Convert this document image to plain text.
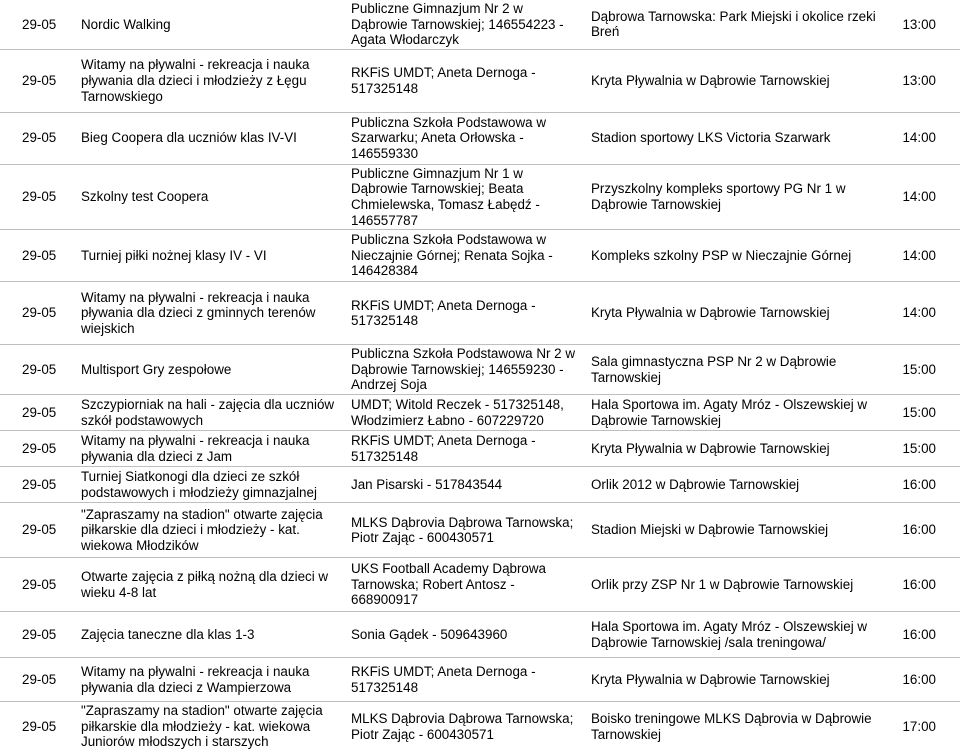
29-05	Nordic Walking	Publiczne Gimnazjum Nr 2 w Dąbrowie Tarnowskiej; 146554223 - Agata Włodarczyk	Dąbrowa Tarnowska: Park Miejski i okolice rzeki Breń	13:00
29-05	Witamy na pływalni - rekreacja i nauka pływania dla dzieci i młodzieży z Łęgu Tarnowskiego	RKFiS UMDT; Aneta Dernoga - 517325148	Kryta Pływalnia w Dąbrowie Tarnowskiej	13:00
29-05	Bieg Coopera dla uczniów klas IV-VI	Publiczna Szkoła Podstawowa w Szarwarku; Aneta Orłowska - 146559330	Stadion sportowy LKS Victoria Szarwark	14:00
29-05	Szkolny test Coopera	Publiczne Gimnazjum Nr 1 w Dąbrowie Tarnowskiej; Beata Chmielewska, Tomasz Łabędź - 146557787	Przyszkolny kompleks sportowy PG Nr 1 w Dąbrowie Tarnowskiej	14:00
29-05	Turniej piłki nożnej klasy IV - VI	Publiczna Szkoła Podstawowa w Nieczajnie Górnej; Renata Sojka - 146428384	Kompleks szkolny PSP w Nieczajnie Górnej	14:00
29-05	Witamy na pływalni - rekreacja i nauka pływania dla dzieci z gminnych terenów wiejskich	RKFiS UMDT; Aneta Dernoga - 517325148	Kryta Pływalnia w Dąbrowie Tarnowskiej	14:00
29-05	Multisport Gry zespołowe	Publiczna Szkoła Podstawowa Nr 2 w Dąbrowie Tarnowskiej; 146559230 - Andrzej Soja	Sala gimnastyczna PSP Nr 2 w Dąbrowie Tarnowskiej	15:00
29-05	Szczypiorniak na hali - zajęcia dla uczniów szkół podstawowych	UMDT; Witold Reczek - 517325148, Włodzimierz Łabno - 607229720	Hala Sportowa im. Agaty Mróz - Olszewskiej w Dąbrowie Tarnowskiej	15:00
29-05	Witamy na pływalni - rekreacja i nauka pływania dla dzieci z Jam	RKFiS UMDT; Aneta Dernoga - 517325148	Kryta Pływalnia w Dąbrowie Tarnowskiej	15:00
29-05	Turniej Siatkonogi dla dzieci ze szkół podstawowych i młodzieży gimnazjalnej	Jan Pisarski - 517843544	Orlik 2012 w Dąbrowie Tarnowskiej	16:00
29-05	"Zapraszamy na stadion" otwarte zajęcia piłkarskie dla dzieci i młodzieży - kat. wiekowa Młodzików	MLKS Dąbrovia Dąbrowa Tarnowska; Piotr Zając - 600430571	Stadion Miejski w Dąbrowie Tarnowskiej	16:00
29-05	Otwarte zajęcia z piłką nożną dla dzieci w wieku 4-8 lat	UKS Football Academy Dąbrowa Tarnowska; Robert Antosz - 668900917	Orlik przy ZSP Nr 1 w Dąbrowie Tarnowskiej	16:00
29-05	Zajęcia taneczne dla klas 1-3	Sonia Gądek - 509643960	Hala Sportowa im. Agaty Mróz - Olszewskiej w Dąbrowie Tarnowskiej /sala treningowa/	16:00
29-05	Witamy na pływalni - rekreacja i nauka pływania dla dzieci z Wampierzowa	RKFiS UMDT; Aneta Dernoga - 517325148	Kryta Pływalnia w Dąbrowie Tarnowskiej	16:00
29-05	"Zapraszamy na stadion" otwarte zajęcia piłkarskie dla młodzieży - kat. wiekowa Juniorów młodszych i starszych	MLKS Dąbrovia Dąbrowa Tarnowska; Piotr Zając - 600430571	Boisko treningowe MLKS Dąbrovia w Dąbrowie Tarnowskiej	17:00
